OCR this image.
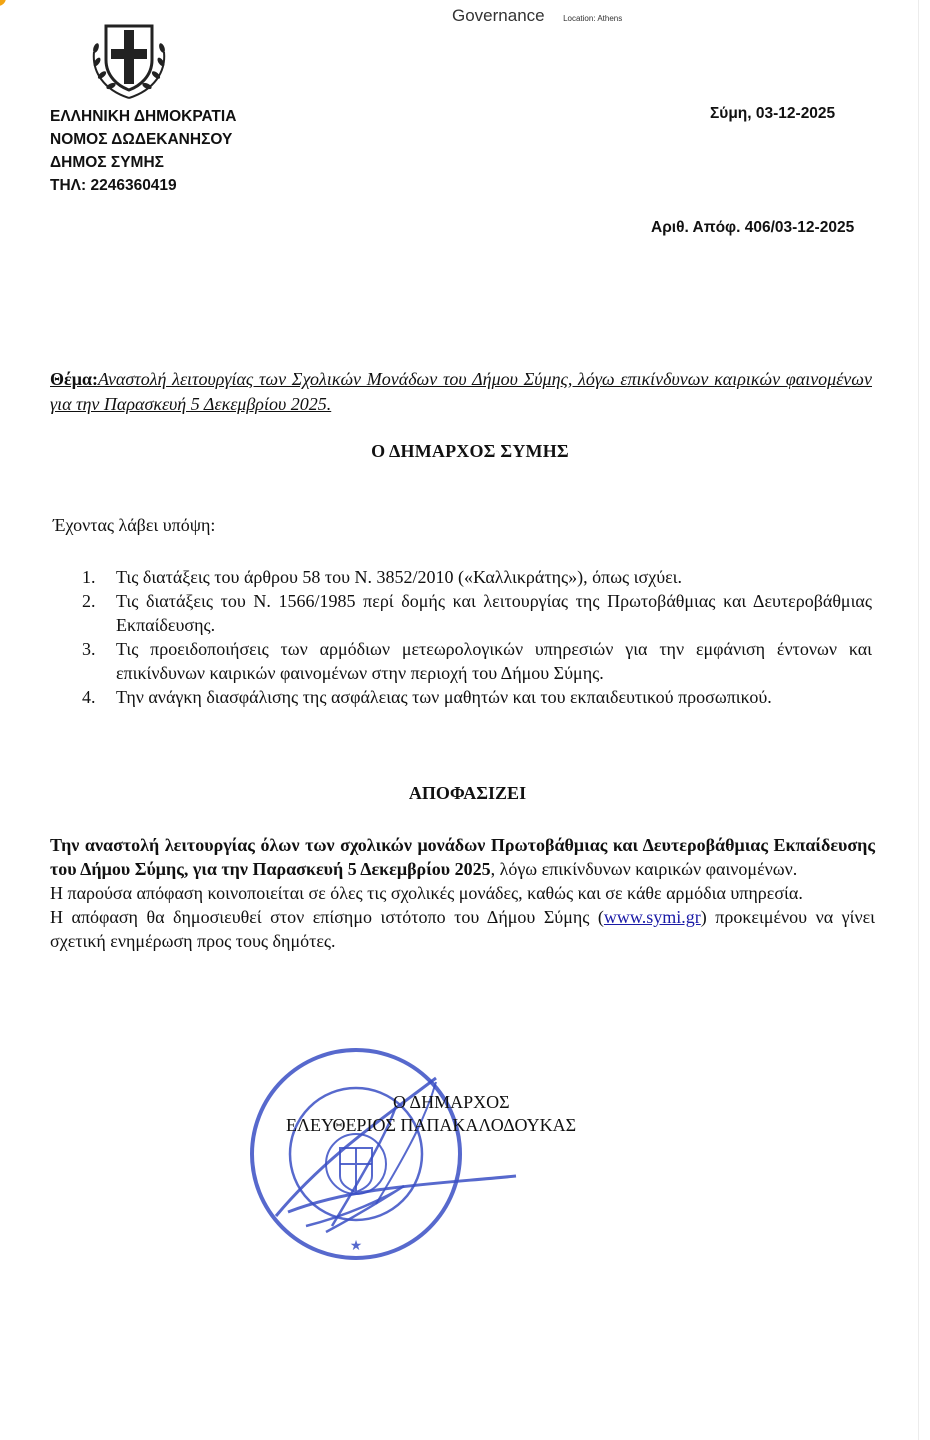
Governance Location: Athens
ΕΛΛΗΝΙΚΗ ΔΗΜΟΚΡΑΤΙΑ
ΝΟΜΟΣ ΔΩΔΕΚΑΝΗΣΟΥ
ΔΗΜΟΣ ΣΥΜΗΣ
ΤΗΛ: 2246360419
Σύμη, 03-12-2025
Αριθ. Απόφ. 406/03-12-2025
Θέμα:Αναστολή λειτουργίας των Σχολικών Μονάδων του Δήμου Σύμης, λόγω επικίνδυνων καιρικών φαινομένων για την Παρασκευή 5 Δεκεμβρίου 2025.
Ο ΔΗΜΑΡΧΟΣ ΣΥΜΗΣ
Έχοντας λάβει υπόψη:
1.	Τις διατάξεις του άρθρου 58 του Ν. 3852/2010 («Καλλικράτης»), όπως ισχύει.
2.	Τις διατάξεις του Ν. 1566/1985 περί δομής και λειτουργίας της Πρωτοβάθμιας και Δευτεροβάθμιας Εκπαίδευσης.
3.	Τις προειδοποιήσεις των αρμόδιων μετεωρολογικών υπηρεσιών για την εμφάνιση έντονων και επικίνδυνων καιρικών φαινομένων στην περιοχή του Δήμου Σύμης.
4.	Την ανάγκη διασφάλισης της ασφάλειας των μαθητών και του εκπαιδευτικού προσωπικού.
ΑΠΟΦΑΣΙΖΕΙ

Την αναστολή λειτουργίας όλων των σχολικών μονάδων Πρωτοβάθμιας και Δευτεροβάθμιας Εκπαίδευσης του Δήμου Σύμης, για την Παρασκευή 5 Δεκεμβρίου 2025, λόγω επικίνδυνων καιρικών φαινομένων.

Η παρούσα απόφαση κοινοποιείται σε όλες τις σχολικές μονάδες, καθώς και σε κάθε αρμόδια υπηρεσία.

Η απόφαση θα δημοσιευθεί στον επίσημο ιστότοπο του Δήμου Σύμης (www.symi.gr) προκειμένου να γίνει σχετική ενημέρωση προς τους δημότες.

★
Ο ΔΗΜΑΡΧΟΣ
ΕΛΕΥΘΕΡΙΟΣ ΠΑΠΑΚΑΛΟΔΟΥΚΑΣ
